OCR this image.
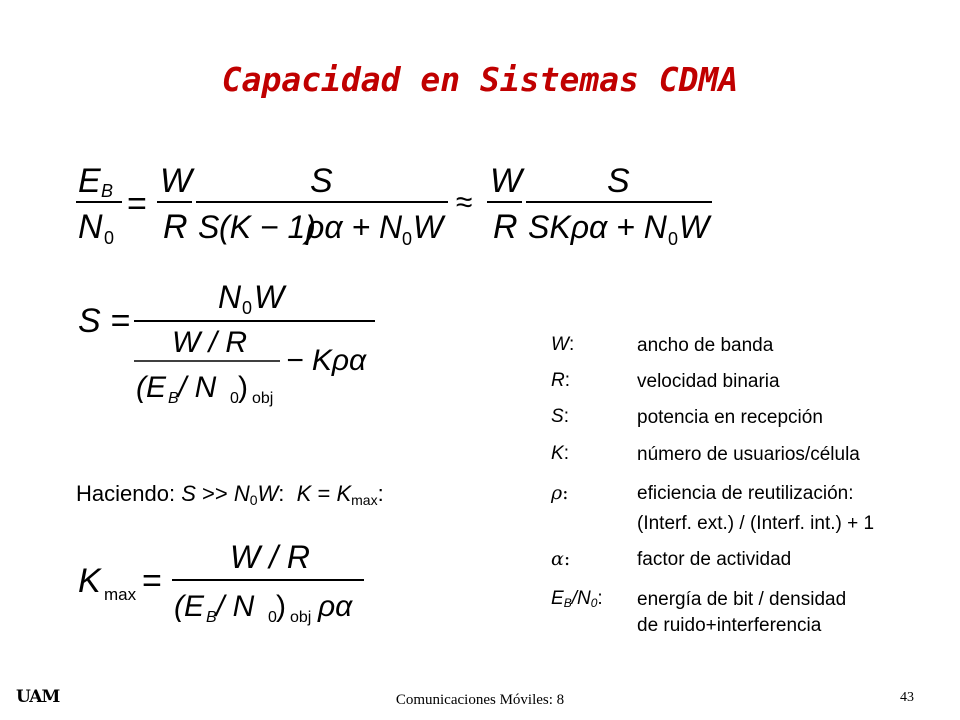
Capacidad en Sistemas CDMA
E B
N 0
=
W
R
S
S (K − 1)
ρα + N 0 W
≈
W
R
S
SKρα + N 0 W
S =
N 0 W
W / R
(E B / N 0 ) obj
− Kρα
K max =
W / R
(E B / N 0 ) obj ρα
Haciendo: $S >> N_0W$: $K = K_{max}$:
W:	ancho de banda
R:	velocidad binaria
S:	potencia en recepción
K:	número de usuarios/célula
ρ:	eficiencia de reutilización:
(Interf. ext.) / (Interf. int.) + 1
α:	factor de actividad
$E_B/N_0$:	energía de bit / densidad
de ruido+interferencia
UAM	Comunicaciones Móviles: 8	43
